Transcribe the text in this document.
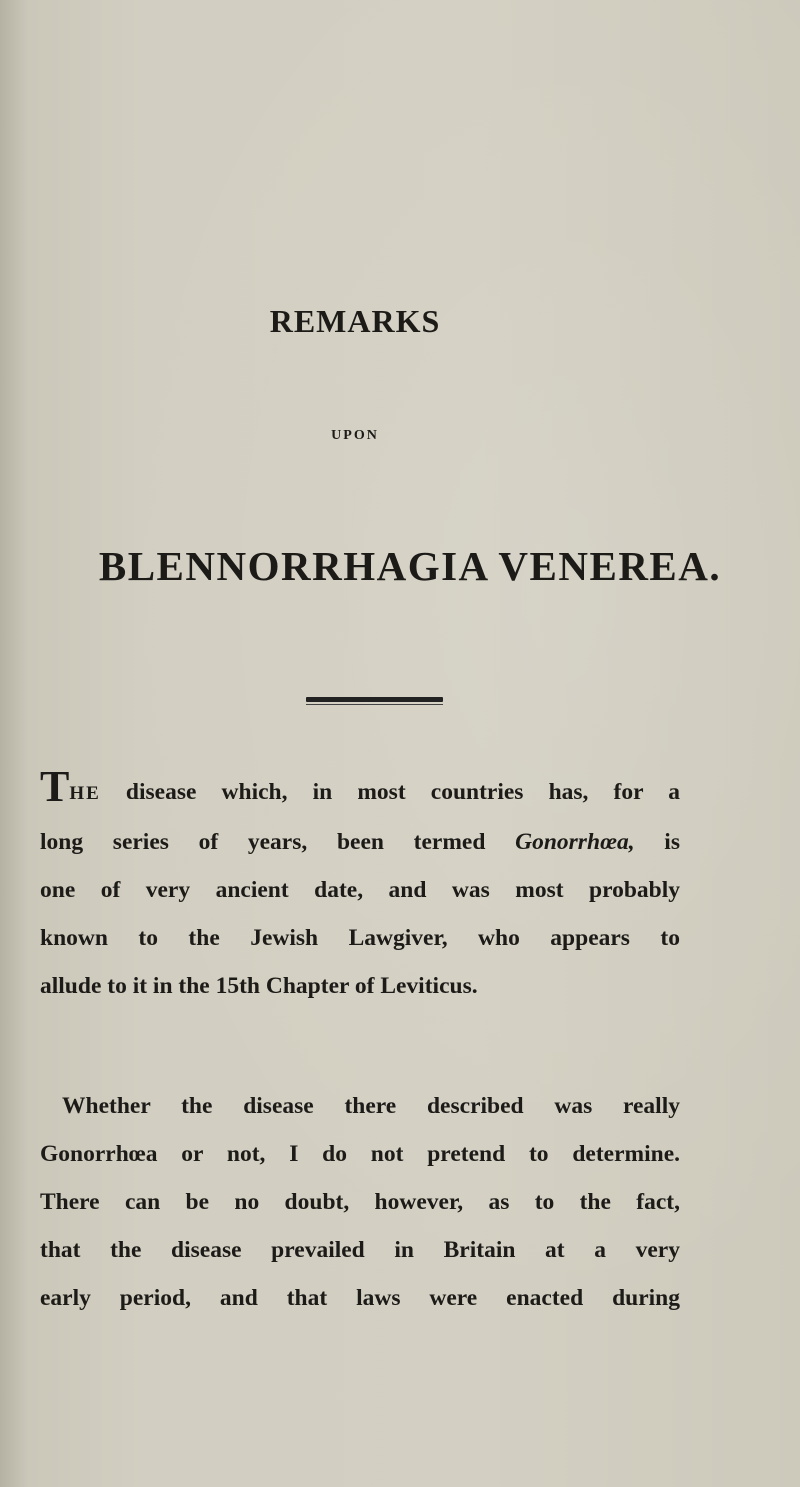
REMARKS
UPON
BLENNORRHAGIA VENEREA.
THE disease which, in most countries has, for a
long series of years, been termed Gonorrhœa, is
one of very ancient date, and was most probably
known to the Jewish Lawgiver, who appears to
allude to it in the 15th Chapter of Leviticus.
Whether the disease there described was really
Gonorrhœa or not, I do not pretend to determine.
There can be no doubt, however, as to the fact,
that the disease prevailed in Britain at a very
early period, and that laws were enacted during
